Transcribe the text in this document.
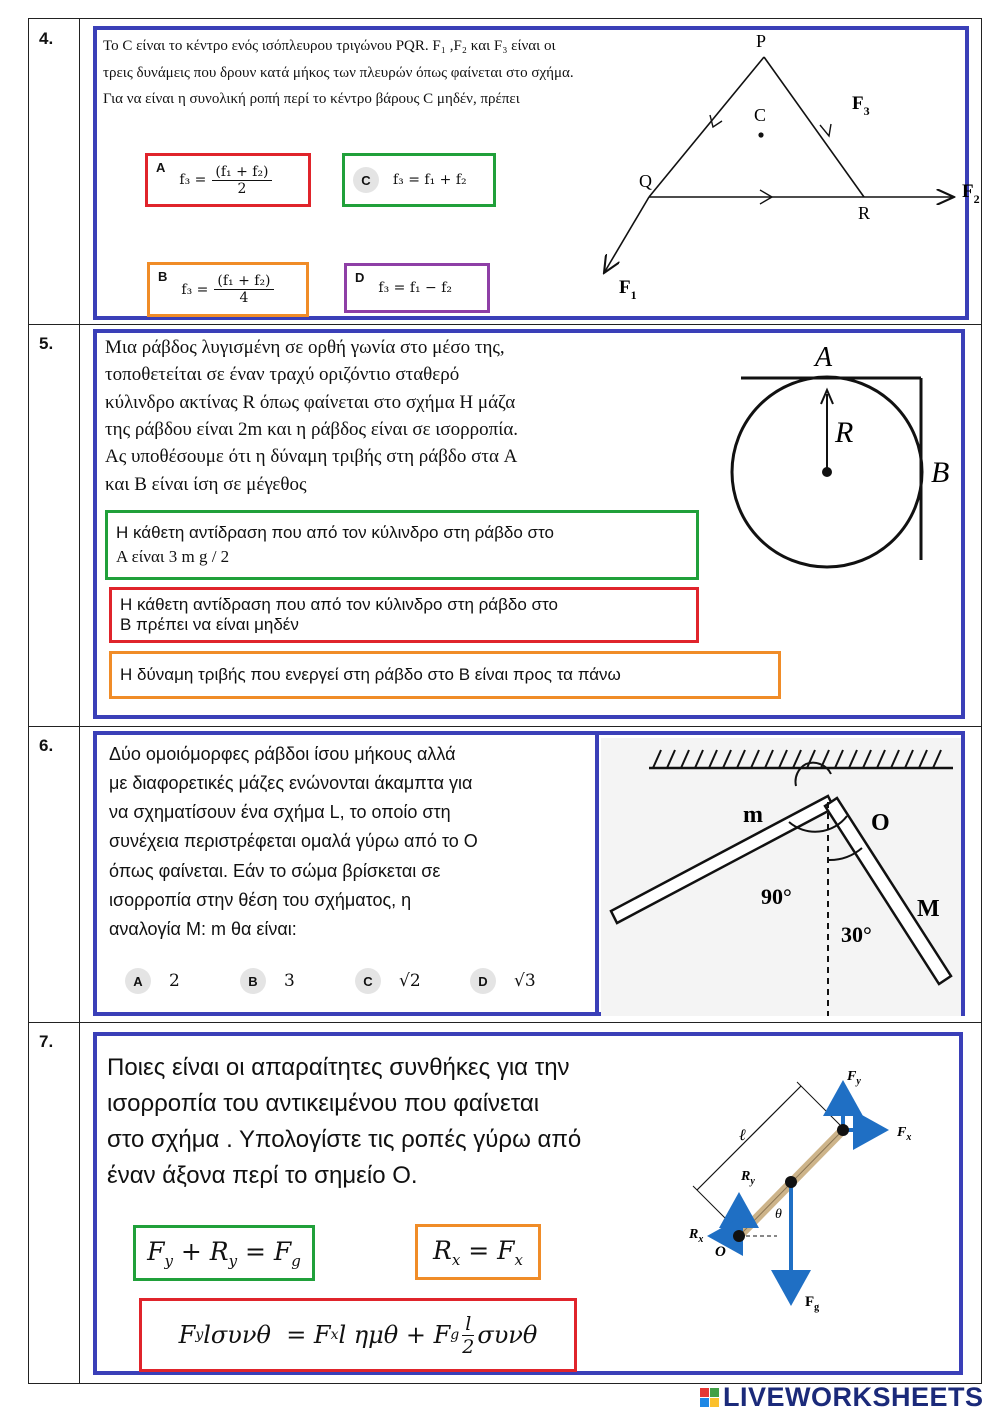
4.	Το C είναι το κέντρο ενός ισόπλευρου τριγώνου PQR. F₁ ,F₂ και F₃ είναι οι τρεις δυνάμεις που δρουν κατά μήκος των πλευρών όπως φαίνεται στο σχήμα. Για να είναι η συνολική ροπή περί το κέντρο βάρους C μηδέν, πρέπει
A
$f_3 = \frac{\text{(f₁ + f₂)}}{2}$	C	f₃ = f₁ + f₂
B
$f_3 = \frac{\text{(f₁ + f₂)}}{4}$	D
f₃ = f₁ − f₂
P
C
Q
R
$F_3$
$F_2$
$F_1$
5.	Μια ράβδος λυγισμένη σε ορθή γωνία στο μέσο της,
τοποθετείται σε έναν τραχύ οριζόντιο σταθερό
κύλινδρο ακτίνας R όπως φαίνεται στο σχήμα Η μάζα
της ράβδου είναι 2m και η ράβδος είναι σε ισορροπία.
Ας υποθέσουμε ότι η δύναμη τριβής στη ράβδο στα A
και B είναι ίση σε μέγεθος
Η κάθετη αντίδραση που από τον κύλινδρο στη ράβδο στο
A είναι 3 m g / 2
Η κάθετη αντίδραση που από τον κύλινδρο στη ράβδο στο
B πρέπει να είναι μηδέν
Η δύναμη τριβής που ενεργεί στη ράβδο στο B είναι προς τα πάνω
A
R
B
6.	Δύο ομοιόμορφες ράβδοι ίσου μήκους αλλά
με διαφορετικές μάζες ενώνονται άκαμπτα για
να σχηματίσουν ένα σχήμα L, το οποίο στη
συνέχεια περιστρέφεται ομαλά γύρω από το O
όπως φαίνεται. Εάν το σώμα βρίσκεται σε
ισορροπία στην θέση του σχήματος, η
αναλογία M: m θα είναι:
A	2	B	3	C	√2	D	√3
m	O
90°
30°
M
7.
Ποιες είναι οι απαραίτητες συνθήκες για την
ισορροπία του αντικειμένου που φαίνεται
στο σχήμα . Υπολογίστε τις ροπές γύρω από
έναν άξονα περί το σημείο Ο.
$F_y + R_y = F_g$	$R_x = F_x$
F y lσυνθ  = F x l ημθ + F g $\frac{l}{2}$ συνθ
$F_y$
$F_x$
$R_y$
$R_x$
O
ℓ
θ
$F_g$
LIVEWORKSHEETS
